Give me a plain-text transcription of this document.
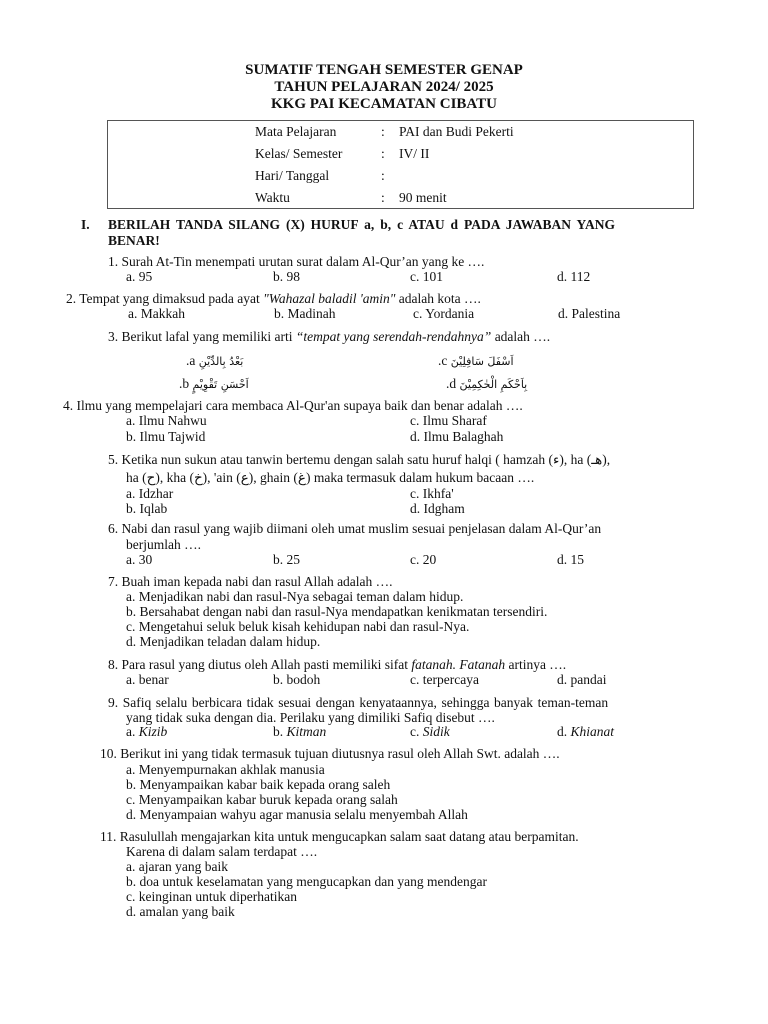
SUMATIF TENGAH SEMESTER GENAP
TAHUN PELAJARAN 2024/ 2025
KKG PAI KECAMATAN CIBATU
Mata Pelajaran	: PAI dan Budi Pekerti
Kelas/ Semester	: IV/ II
Hari/ Tanggal	:
Waktu	: 90 menit
I. BERILAH TANDA SILANG (X) HURUF a, b, c ATAU d PADA JAWABAN YANG
BENAR!
1. Surah At-Tin menempati urutan surat dalam Al-Qur’an yang ke ….
a. 95	b. 98	c. 101	d. 112
2. Tempat yang dimaksud pada ayat "Wahazal baladil 'amin" adalah kota ….
a. Makkah	b. Madinah	c. Yordania	d. Palestina
3. Berikut lafal yang memiliki arti “tempat yang serendah-rendahnya” adalah ….
.a بَعْدُ بِالدِّيْنِ	.c اَسْفَلَ سَافِلِيْنَ
.b اَحْسَنِ تَقْوِيْمٍ	.d بِاَحْكَمِ الْحٰكِمِيْنَ
4. Ilmu yang mempelajari cara membaca Al-Qur'an supaya baik dan benar adalah ….
a. Ilmu Nahwu	c. Ilmu Sharaf
b. Ilmu Tajwid	d. Ilmu Balaghah
5. Ketika nun sukun atau tanwin bertemu dengan salah satu huruf halqi ( hamzah (ء), ha (هـ),
ha (ح), kha (خ), 'ain (ع), ghain (غ) maka termasuk dalam hukum bacaan ….
a. Idzhar	c. Ikhfa'
b. Iqlab	d. Idgham
6. Nabi dan rasul yang wajib diimani oleh umat muslim sesuai penjelasan dalam Al-Qur’an
berjumlah ….
a. 30	b. 25	c. 20	d. 15
7. Buah iman kepada nabi dan rasul Allah adalah ….
a. Menjadikan nabi dan rasul-Nya sebagai teman dalam hidup.
b. Bersahabat dengan nabi dan rasul-Nya mendapatkan kenikmatan tersendiri.
c. Mengetahui seluk beluk kisah kehidupan nabi dan rasul-Nya.
d. Menjadikan teladan dalam hidup.
8. Para rasul yang diutus oleh Allah pasti memiliki sifat fatanah. Fatanah artinya ….
a. benar	b. bodoh	c. terpercaya	d. pandai
9. Safiq selalu berbicara tidak sesuai dengan kenyataannya, sehingga banyak teman-teman
yang tidak suka dengan dia. Perilaku yang dimiliki Safiq disebut ….
a. Kizib	b. Kitman	c. Sidik	d. Khianat
10. Berikut ini yang tidak termasuk tujuan diutusnya rasul oleh Allah Swt. adalah ….
a. Menyempurnakan akhlak manusia
b. Menyampaikan kabar baik kepada orang saleh
c. Menyampaikan kabar buruk kepada orang salah
d. Menyampaian wahyu agar manusia selalu menyembah Allah
11. Rasulullah mengajarkan kita untuk mengucapkan salam saat datang atau berpamitan.
Karena di dalam salam terdapat ….
a. ajaran yang baik
b. doa untuk keselamatan yang mengucapkan dan yang mendengar
c. keinginan untuk diperhatikan
d. amalan yang baik
